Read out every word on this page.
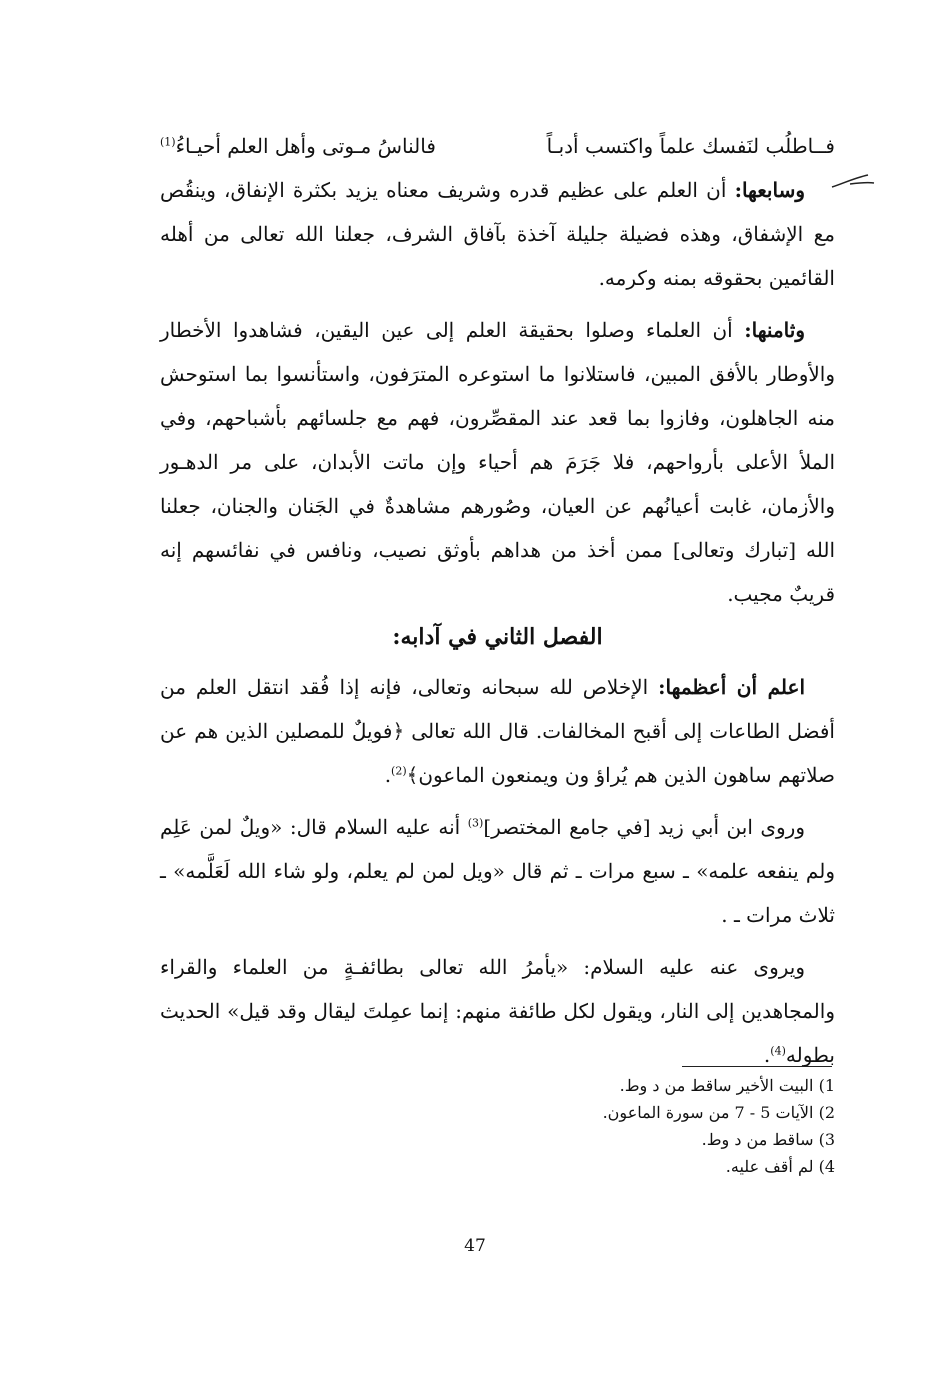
فــاطلُب لنَفسك علماً واكتسب أدبـاً
فالناسُ مـوتى وأهل العلم أحيـاءُ$^{(1)}$

وسابعها: أن العلم على عظيم قدره وشريف معناه يزيد بكثرة الإنفاق، وينقُص مع الإشفاق، وهذه فضيلة جليلة آخذة بآفاق الشرف، جعلنا الله تعالى من أهله القائمين بحقوقه بمنه وكرمه.

وثامنها: أن العلماء وصلوا بحقيقة العلم إلى عين اليقين، فشاهدوا الأخطار والأوطار بالأفق المبين، فاستلانوا ما استوعره المترَفون، واستأنسوا بما استوحش منه الجاهلون، وفازوا بما قعد عند المقصِّرون، فهم مع جلسائهم بأشباحهم، وفي الملأ الأعلى بأرواحهم، فلا جَرَمَ هم أحياء وإن ماتت الأبدان، على مر الدهـور والأزمان، غابت أعيانُهم عن العيان، وصُورهم مشاهدةٌ في الجَنان والجنان، جعلنا الله [تبارك وتعالى] ممن أخذ من هداهم بأوثق نصيب، ونافس في نفائسهم إنه قريبٌ مجيب.

الفصل الثاني في آدابه:

اعلم أن أعظمها: الإخلاص لله سبحانه وتعالى، فإنه إذا فُقد انتقل العلم من أفضل الطاعات إلى أقبح المخالفات. قال الله تعالى ﴿فويلٌ للمصلين الذين هم عن صلاتهم ساهون الذين هم يُراؤ ون ويمنعون الماعون﴾$^{(2)}$.

وروى ابن أبي زيد [في جامع المختصر]$^{(3)}$ أنه عليه السلام قال: «ويلٌ لمن عَلِم ولم ينفعه علمه» ـ سبع مرات ـ ثم قال «ويل لمن لم يعلم، ولو شاء الله لَعَلَّمه» ـ ثلاث مرات ـ .

ويروى عنه عليه السلام: «يأمرُ الله تعالى بطائفـةٍ من العلماء والقراء والمجاهدين إلى النار، ويقول لكل طائفة منهم: إنما عمِلتَ ليقال وقد قيل» الحديث بطوله$^{(4)}$.

1) البيت الأخير ساقط من د وط.
2) الآيات 5 - 7 من سورة الماعون.
3) ساقط من د وط.
4) لم أقف عليه.
47
